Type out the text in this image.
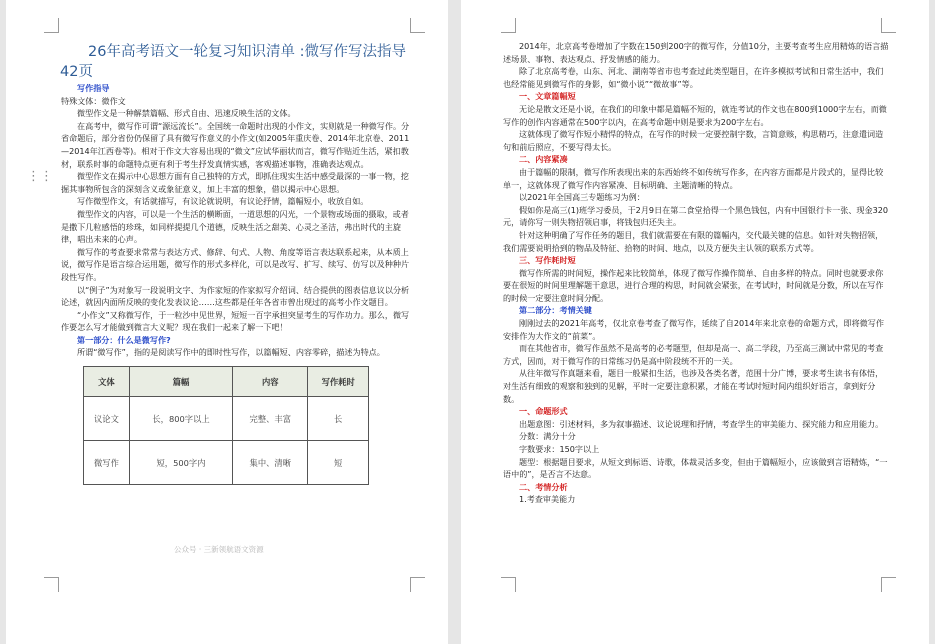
26年高考语文一轮复习知识清单 :微写作写法指导
42页

写作指导

特殊文体：微作文

微型作文是一种解禁篇幅、形式自由、迅速反映生活的文体。

在高考中，微写作可谓“源远流长”。全国统一命题时出现的小作文，实则就是一种微写作。分省命题后，部分省份仍保留了具有微写作意义的小作文(如2005年重庆卷、2014年北京卷、2011—2014年江西卷等)。相对于作文大容易出现的“微文”应试华丽状而言，微写作贴近生活，紧扣教材，联系时事的命题特点更有利于考生抒发真情实感，客观描述事物，准确表达观点。

微型作文在揭示中心思想方面有自己独特的方式，即抓住现实生活中感受最深的一事一物，挖掘其事物所包含的深刻含义或象征意义，加上丰富的想象，借以揭示中心思想。

写作微型作文，有话就描写，有议论就说明，有议论抒情，篇幅短小，收放自如。

微型作文的内容，可以是一个生活的横断面，一道思想的闪光，一个景物或场面的摄取，或者是撒下几粒感悟的珍珠，如同样提提几个道德，反映生活之甜美、心灵之圣洁，弗出时代的主旋律，唱出未来的心声。

微写作的考查要求常常与表达方式、修辞、句式、人物、角度等语言表达联系起来，从本质上说，微写作是语言综合运用题，微写作的形式多样化，可以是改写、扩写、续写、仿写以及种种片段性写作。

以“例子”为对象写一段说明文字、为作家短的作家拟写介绍词、结合提供的图表信息议以分析论述，就因内面所反映的变化发表议论……这些都是任年各省市曾出现过的高考小作文题目。

“小作文”又称微写作，于一粒沙中见世界，短短一百字承担突显考生的写作功力。那么，微写作要怎么写才能做到微言大义呢？现在我们一起来了解一下吧！

第一部分：什么是微写作?

所谓“微写作”，指的是阅读写作中的即时性写作，以篇幅短、内容零碎，描述为特点。

文体	篇幅	内容	写作耗时
议论文	长，800字以上	完整、丰富	长
微写作	短，500字内	集中、清晰	短
公众号 · 三新领航语文资源
⋮⋮

2014年，北京高考卷增加了字数在150到200字的微写作，分值10分，主要考查考生应用精炼的语言描述场景、事物、表达观点、抒发情感的能力。

除了北京高考卷，山东、河北、湖南等省市也考查过此类型题目，在许多模拟考试和日常生活中，我们也经常能见到微写作的身影，如“微小说”“微故事”等。

一、文章篇幅短

无论是散文还是小说，在我们的印象中都是篇幅不短的，就连考试的作文也在800到1000字左右，而微写作的创作内容通常在500字以内，在高考命题中则是要求为200字左右。

这就体现了微写作短小精悍的特点，在写作的时候一定要控制字数，言简意赅，构思精巧，注意遣词造句和前后照应，不要写得太长。

二、内容紧凑

由于篇幅的限制，微写作所表现出来的东西始终不如传统写作多，在内容方面都是片段式的，显得比较单一，这就体现了微写作内容紧凑、目标明确、主题清晰的特点。

以2021年全国高三专题练习为例：

假如你是高三(1)班学习委员，于2月9日在第二食堂拾得一个黑色钱包，内有中国银行卡一张、现金320元，请你写一则失物招领启事，将钱包归还失主。

针对这种明确了写作任务的题目，我们就需要在有限的篇幅内，交代最关键的信息。如针对失物招领，我们需要说明拾到的物品及特征、拾物的时间、地点，以及方便失主认领的联系方式等。

三、写作耗时短

微写作所需的时间短，操作起来比较简单，体现了微写作操作简单、自由多样的特点。同时也就要求你要在很短的时间里理解题干意思，进行合理的构思，时间就会紧张，在考试时，时间就是分数，所以在写作的时候一定要注意时间分配。

第二部分：考情关键

刚刚过去的2021年高考，仅北京卷考查了微写作，延续了自2014年来北京卷的命题方式，即将微写作安排作为大作文的“前菜”。

而在其他省市，微写作虽然不是高考的必考题型，但却是高一、高二学段，乃至高三测试中常见的考查方式，因而，对于微写作的日常练习仍是高中阶段统不开的一关。

从往年微写作真题来看，题目一般紧扣生活，也涉及各类名著，范围十分广博，要求考生读书有体悟，对生活有细致的观察和独到的见解，平时一定要注意积累，才能在考试时短时间内组织好语言，拿到好分数。

一、命题形式

出题意图：引述材料，多为叙事描述、议论说理和抒情，考查学生的审美能力、探究能力和应用能力。

分数：满分十分

字数要求：150字以上

题型：根据题目要求，从短文到标语、诗歌，体裁灵活多变，但由于篇幅短小，应该做到言语精炼，“一语中的”，是否言不达意。

二、考情分析

1.考查审美能力
